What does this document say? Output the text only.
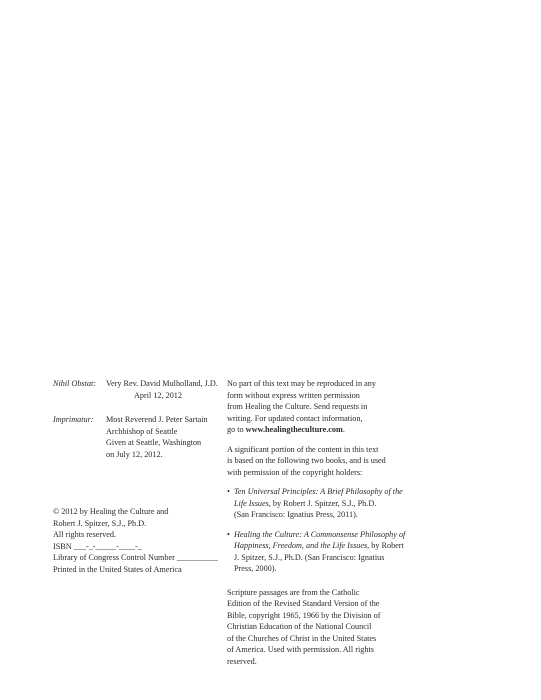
Nihil Obstat:	Very Rev. David Mulholland, J.D.
April 12, 2012
Imprimatur:	Most Reverend J. Peter Sartain
Archbishop of Seattle
Given at Seattle, Washington
on July 12, 2012.
© 2012 by Healing the Culture and
Robert J. Spitzer, S.J., Ph.D.
All rights reserved.
ISBN ___-_-_____-____-_
Library of Congress Control Number __________
Printed in the United States of America
No part of this text may be reproduced in any
form without express written permission
from Healing the Culture. Send requests in
writing. For updated contact information,
go to www.healingtheculture.com.
A significant portion of the content in this text
is based on the following two books, and is used
with permission of the copyright holders:
• Ten Universal Principles: A Brief Philosophy of the
Life Issues, by Robert J. Spitzer, S.J., Ph.D.
(San Francisco: Ignatius Press, 2011).
• Healing the Culture: A Commonsense Philosophy of
Happiness, Freedom, and the Life Issues, by Robert
J. Spitzer, S.J., Ph.D. (San Francisco: Ignatius
Press, 2000).
Scripture passages are from the Catholic
Edition of the Revised Standard Version of the
Bible, copyright 1965, 1966 by the Division of
Christian Education of the National Council
of the Churches of Christ in the United States
of America. Used with permission. All rights
reserved.
